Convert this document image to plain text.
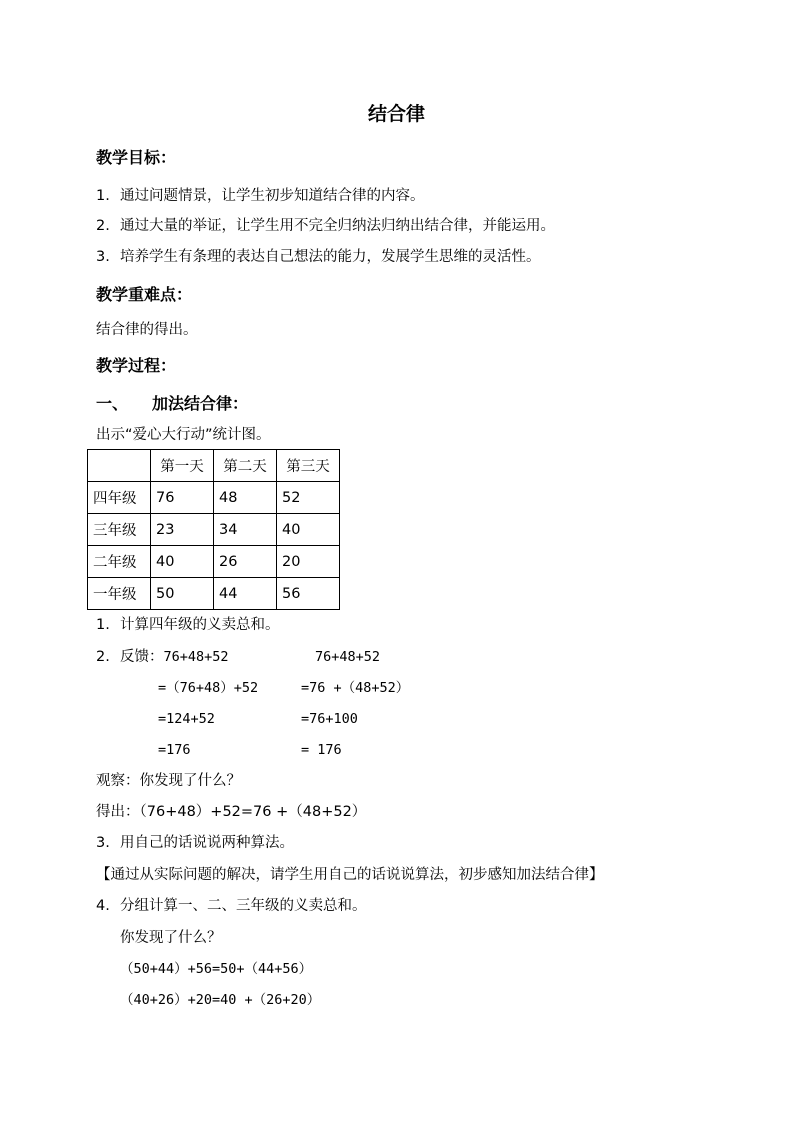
结合律
教学目标：
1. 通过问题情景，让学生初步知道结合律的内容。
2. 通过大量的举证，让学生用不完全归纳法归纳出结合律，并能运用。
3. 培养学生有条理的表达自己想法的能力，发展学生思维的灵活性。
教学重难点：
结合律的得出。
教学过程：
一、 加法结合律：
出示“爱心大行动”统计图。
	第一天	第二天	第三天
四年级	76	48	52
三年级	23	34	40
二年级	40	26	20
一年级	50	44	56
1. 计算四年级的义卖总和。
2. 反馈：76+48+52	76+48+52
=（76+48）+52	=76 +（48+52）
=124+52	=76+100
=176	= 176
观察：你发现了什么？
得出：（76+48）+52=76 +（48+52）
3. 用自己的话说说两种算法。
【通过从实际问题的解决，请学生用自己的话说说算法，初步感知加法结合律】
4. 分组计算一、二、三年级的义卖总和。
你发现了什么？
（50+44）+56=50+（44+56）
（40+26）+20=40 +（26+20）
